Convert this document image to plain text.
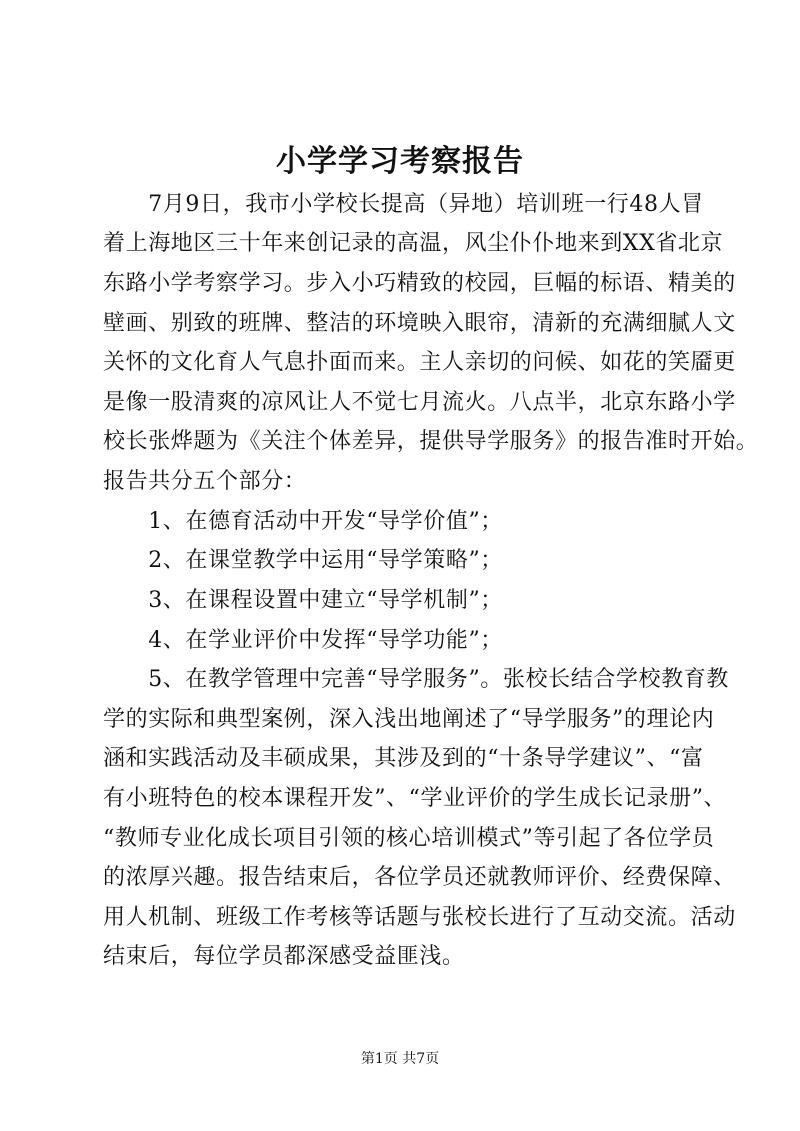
小学学习考察报告
　　7月9日，我市小学校长提高（异地）培训班一行48人冒
着上海地区三十年来创记录的高温，风尘仆仆地来到XX省北京
东路小学考察学习。步入小巧精致的校园，巨幅的标语、精美的
壁画、别致的班牌、整洁的环境映入眼帘，清新的充满细腻人文
关怀的文化育人气息扑面而来。主人亲切的问候、如花的笑靥更
是像一股清爽的凉风让人不觉七月流火。八点半，北京东路小学
校长张烨题为《关注个体差异，提供导学服务》的报告准时开始。
报告共分五个部分：
　　1、在德育活动中开发“导学价值”；
　　2、在课堂教学中运用“导学策略”；
　　3、在课程设置中建立“导学机制”；
　　4、在学业评价中发挥“导学功能”；
　　5、在教学管理中完善“导学服务”。张校长结合学校教育教
学的实际和典型案例，深入浅出地阐述了“导学服务”的理论内
涵和实践活动及丰硕成果，其涉及到的“十条导学建议”、“富
有小班特色的校本课程开发”、“学业评价的学生成长记录册”、
“教师专业化成长项目引领的核心培训模式”等引起了各位学员
的浓厚兴趣。报告结束后，各位学员还就教师评价、经费保障、
用人机制、班级工作考核等话题与张校长进行了互动交流。活动
结束后，每位学员都深感受益匪浅。
第1页 共7页
